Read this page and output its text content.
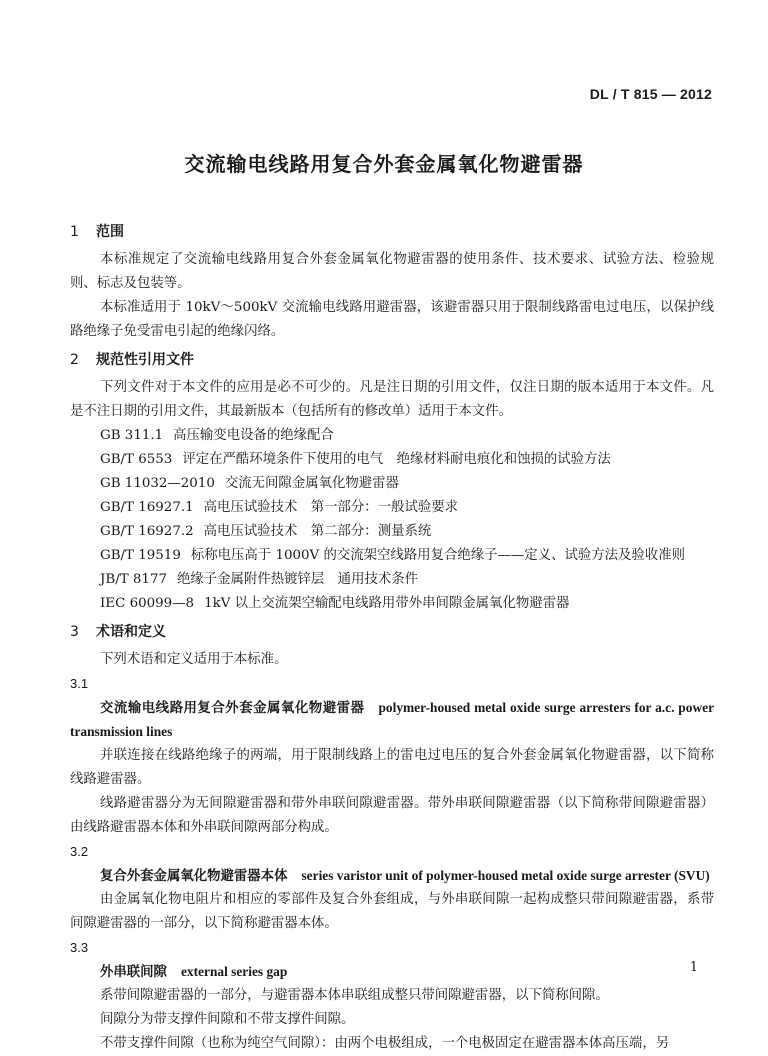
DL / T 815 — 2012
交流输电线路用复合外套金属氧化物避雷器
1 范围

本标准规定了交流输电线路用复合外套金属氧化物避雷器的使用条件、技术要求、试验方法、检验规则、标志及包装等。

本标准适用于 10kV～500kV 交流输电线路用避雷器，该避雷器只用于限制线路雷电过电压，以保护线路绝缘子免受雷电引起的绝缘闪络。

2 规范性引用文件

下列文件对于本文件的应用是必不可少的。凡是注日期的引用文件，仅注日期的版本适用于本文件。凡是不注日期的引用文件，其最新版本（包括所有的修改单）适用于本文件。

GB 311.1 高压输变电设备的绝缘配合

GB/T 6553 评定在严酷环境条件下使用的电气　绝缘材料耐电痕化和蚀损的试验方法

GB 11032—2010 交流无间隙金属氧化物避雷器

GB/T 16927.1 高电压试验技术　第一部分：一般试验要求

GB/T 16927.2 高电压试验技术　第二部分：测量系统

GB/T 19519 标称电压高于 1000V 的交流架空线路用复合绝缘子——定义、试验方法及验收准则

JB/T 8177 绝缘子金属附件热镀锌层　通用技术条件

IEC 60099—8 1kV 以上交流架空输配电线路用带外串间隙金属氧化物避雷器

3 术语和定义

下列术语和定义适用于本标准。

3.1

交流输电线路用复合外套金属氧化物避雷器 polymer-housed metal oxide surge arresters for a.c. power transmission lines

并联连接在线路绝缘子的两端，用于限制线路上的雷电过电压的复合外套金属氧化物避雷器，以下简称线路避雷器。

线路避雷器分为无间隙避雷器和带外串联间隙避雷器。带外串联间隙避雷器（以下简称带间隙避雷器）由线路避雷器本体和外串联间隙两部分构成。

3.2

复合外套金属氧化物避雷器本体 series varistor unit of polymer-housed metal oxide surge arrester (SVU)

由金属氧化物电阻片和相应的零部件及复合外套组成，与外串联间隙一起构成整只带间隙避雷器，系带间隙避雷器的一部分，以下简称避雷器本体。

3.3

外串联间隙 external series gap

系带间隙避雷器的一部分，与避雷器本体串联组成整只带间隙避雷器，以下简称间隙。

间隙分为带支撑件间隙和不带支撑件间隙。

不带支撑件间隙（也称为纯空气间隙）：由两个电极组成，一个电极固定在避雷器本体高压端，另

1
